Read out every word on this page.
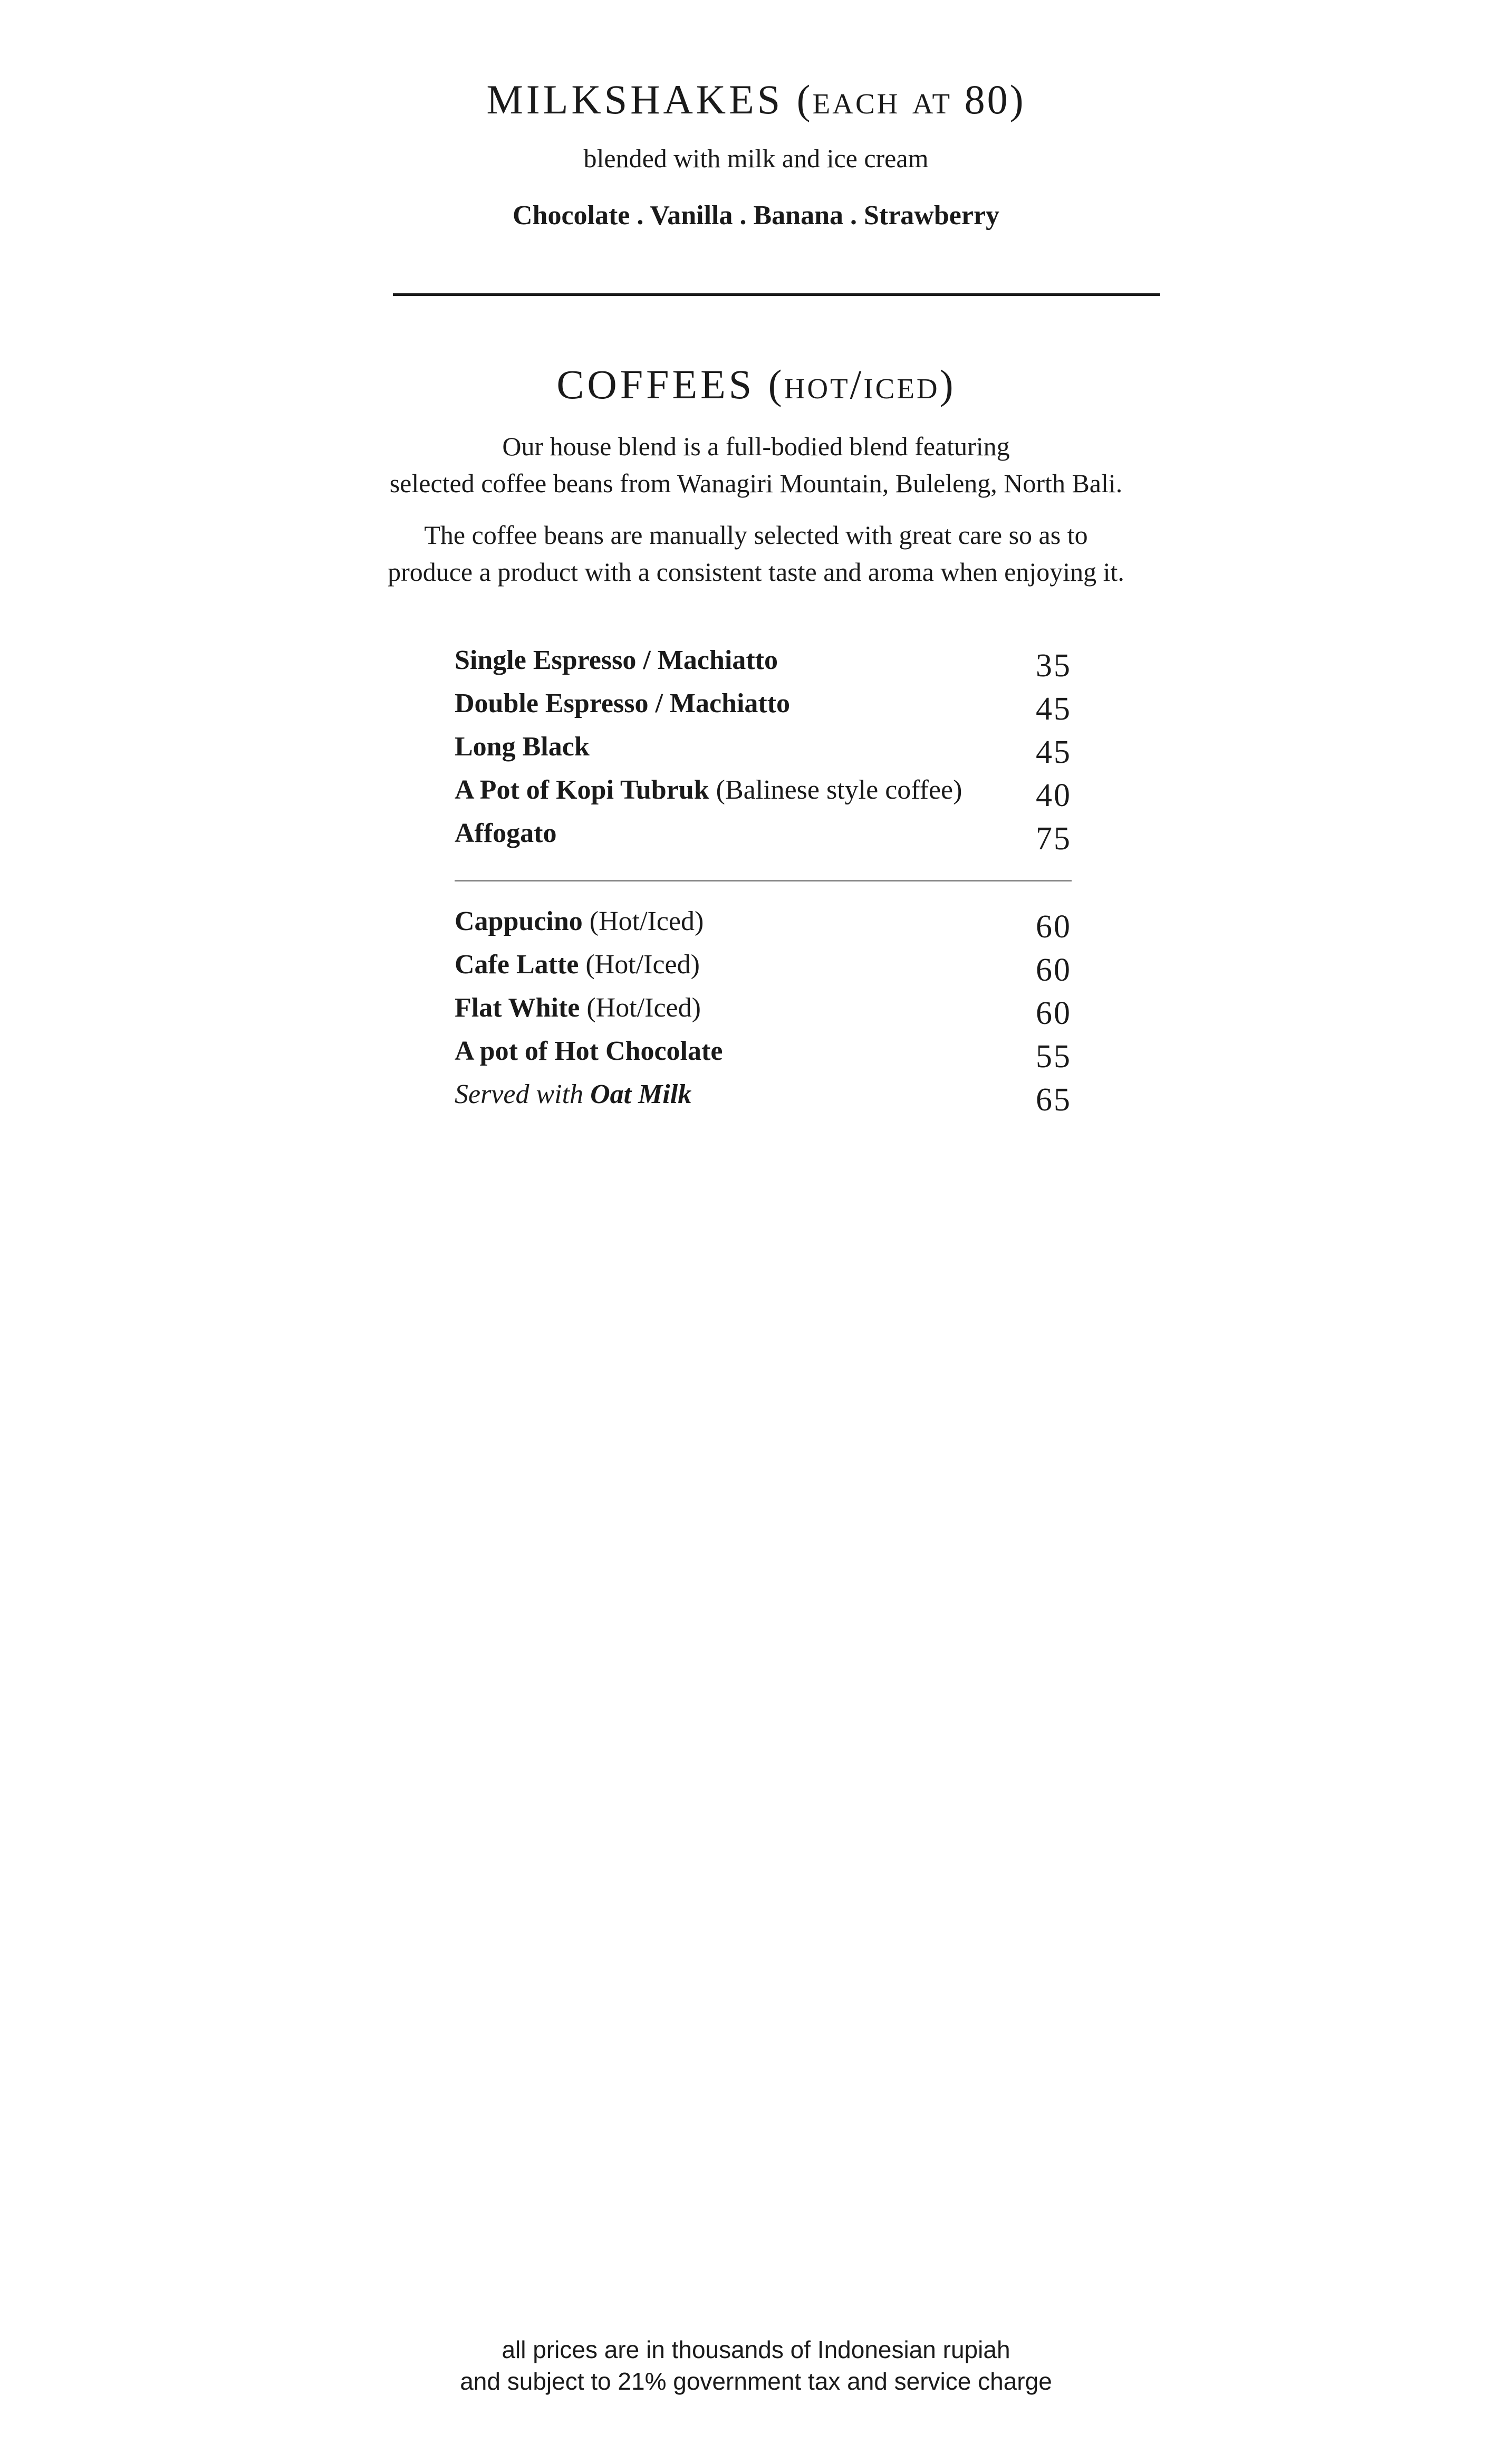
MILKSHAKES (each at 80)
blended with milk and ice cream
Chocolate . Vanilla . Banana . Strawberry
COFFEES (hot/iced)
Our house blend is a full-bodied blend featuring
selected coffee beans from Wanagiri Mountain, Buleleng, North Bali.
The coffee beans are manually selected with great care so as to
produce a product with a consistent taste and aroma when enjoying it.
Single Espresso / Machiatto	35
Double Espresso / Machiatto	45
Long Black	45
A Pot of Kopi Tubruk (Balinese style coffee) 40
Affogato	75
Cappucino (Hot/Iced)	60
Cafe Latte (Hot/Iced)	60
Flat White (Hot/Iced)	60
A pot of Hot Chocolate	55
Served with Oat Milk	65
all prices are in thousands of Indonesian rupiah
and subject to 21% government tax and service charge
